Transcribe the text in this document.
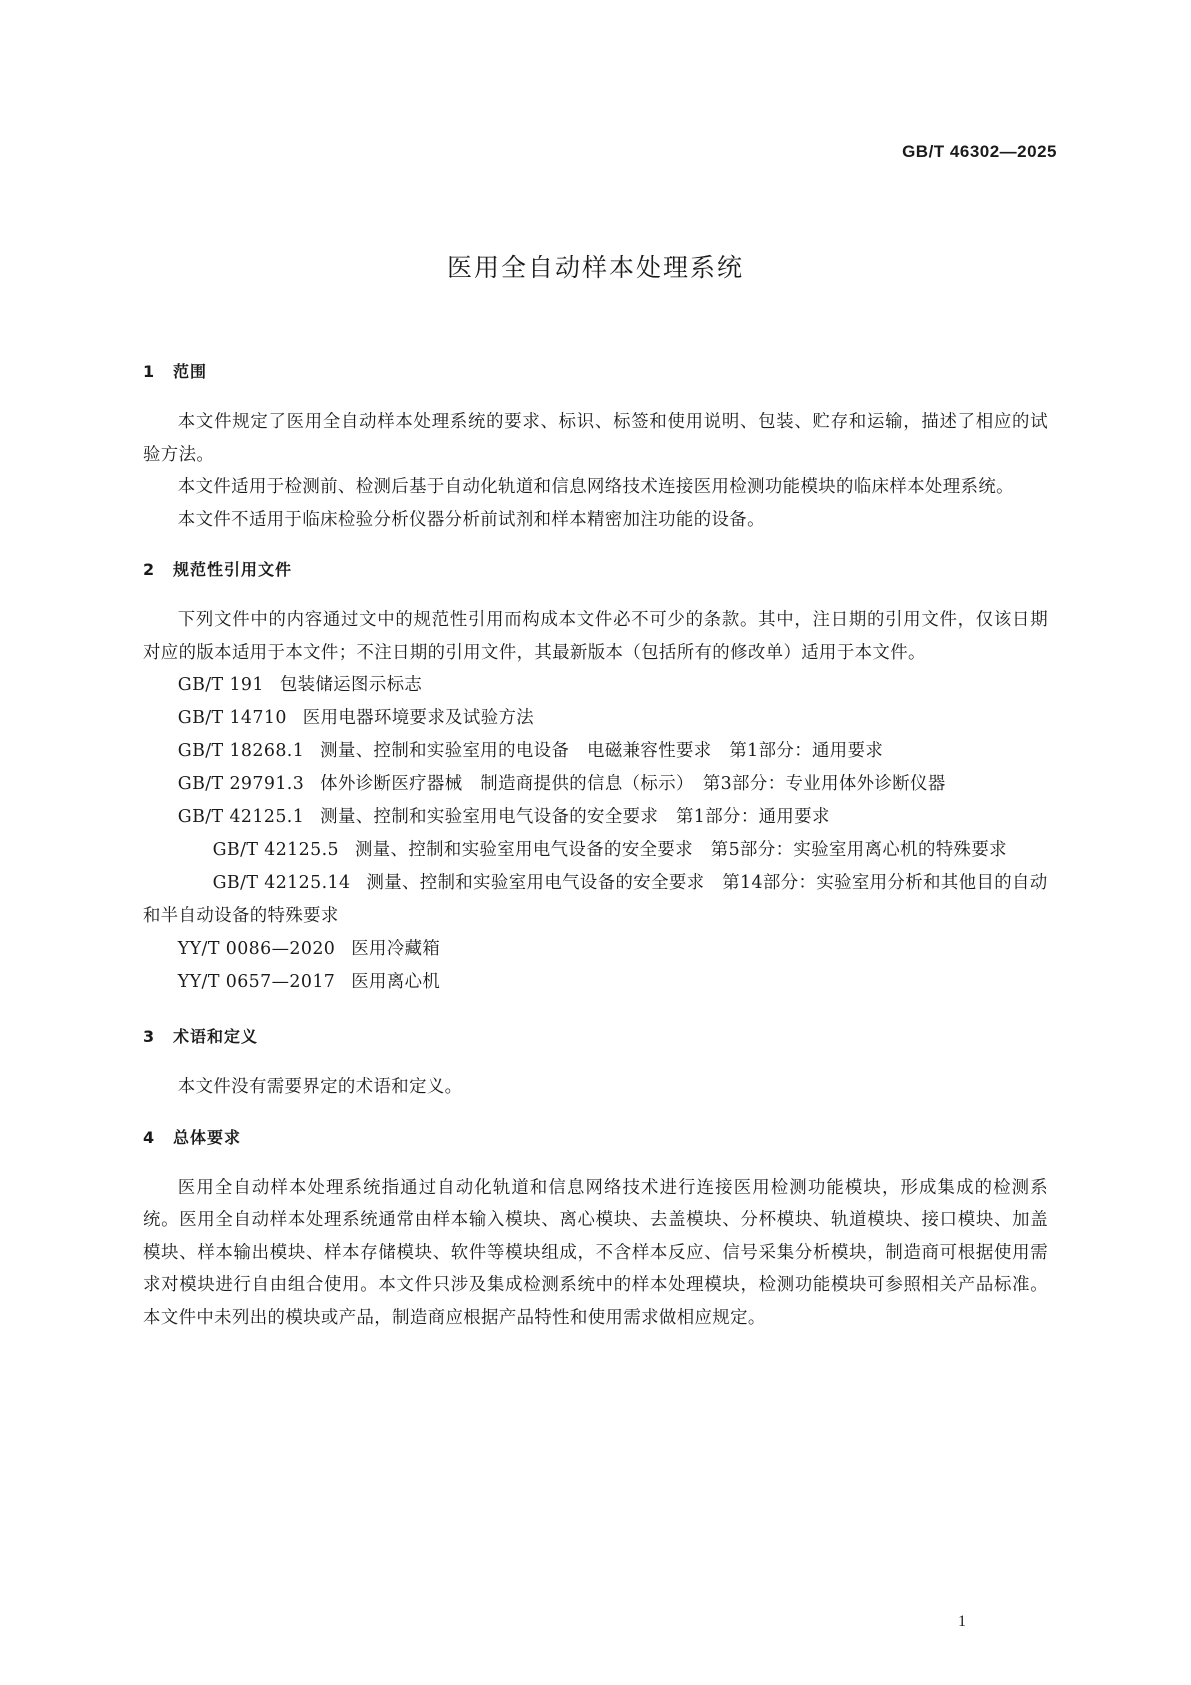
GB/T 46302—2025
医用全自动样本处理系统
1 范围

本文件规定了医用全自动样本处理系统的要求、标识、标签和使用说明、包装、贮存和运输，描述了相应的试验方法。

本文件适用于检测前、检测后基于自动化轨道和信息网络技术连接医用检测功能模块的临床样本处理系统。

本文件不适用于临床检验分析仪器分析前试剂和样本精密加注功能的设备。

2 规范性引用文件

下列文件中的内容通过文中的规范性引用而构成本文件必不可少的条款。其中，注日期的引用文件，仅该日期对应的版本适用于本文件；不注日期的引用文件，其最新版本（包括所有的修改单）适用于本文件。

GB/T 191 包装储运图示标志

GB/T 14710 医用电器环境要求及试验方法

GB/T 18268.1 测量、控制和实验室用的电设备　电磁兼容性要求　第1部分：通用要求

GB/T 29791.3 体外诊断医疗器械　制造商提供的信息（标示）　第3部分：专业用体外诊断仪器

GB/T 42125.1 测量、控制和实验室用电气设备的安全要求　第1部分：通用要求

GB/T 42125.5 测量、控制和实验室用电气设备的安全要求　第5部分：实验室用离心机的特殊要求

GB/T 42125.14 测量、控制和实验室用电气设备的安全要求　第14部分：实验室用分析和其他目的自动和半自动设备的特殊要求

YY/T 0086—2020 医用冷藏箱

YY/T 0657—2017 医用离心机

3 术语和定义

本文件没有需要界定的术语和定义。

4 总体要求

医用全自动样本处理系统指通过自动化轨道和信息网络技术进行连接医用检测功能模块，形成集成的检测系统。医用全自动样本处理系统通常由样本输入模块、离心模块、去盖模块、分杯模块、轨道模块、接口模块、加盖模块、样本输出模块、样本存储模块、软件等模块组成，不含样本反应、信号采集分析模块，制造商可根据使用需求对模块进行自由组合使用。本文件只涉及集成检测系统中的样本处理模块，检测功能模块可参照相关产品标准。本文件中未列出的模块或产品，制造商应根据产品特性和使用需求做相应规定。

1
